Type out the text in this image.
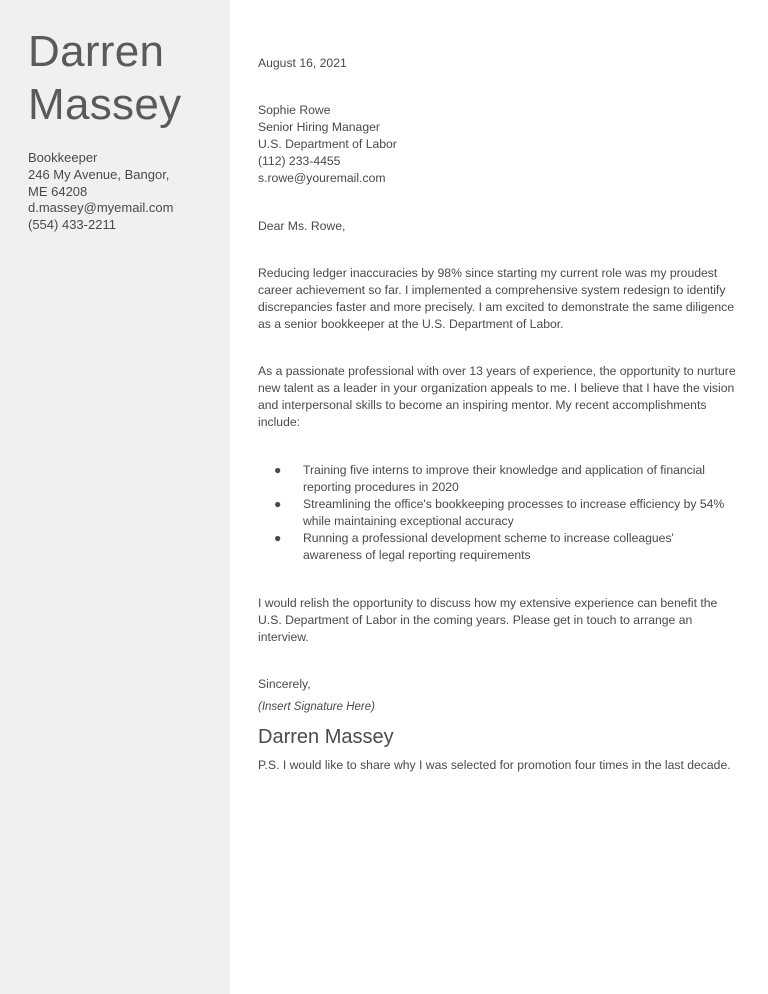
Darren
Massey
Bookkeeper
246 My Avenue, Bangor,
ME 64208
d.massey@myemail.com
(554) 433-2211
August 16, 2021
Sophie Rowe
Senior Hiring Manager
U.S. Department of Labor
(112) 233-4455
s.rowe@youremail.com
Dear Ms. Rowe,
Reducing ledger inaccuracies by 98% since starting my current role was my proudest career achievement so far. I implemented a comprehensive system redesign to identify discrepancies faster and more precisely. I am excited to demonstrate the same diligence as a senior bookkeeper at the U.S. Department of Labor.
As a passionate professional with over 13 years of experience, the opportunity to nurture new talent as a leader in your organization appeals to me. I believe that I have the vision and interpersonal skills to become an inspiring mentor. My recent accomplishments include:
● Training five interns to improve their knowledge and application of financial reporting procedures in 2020
● Streamlining the office's bookkeeping processes to increase efficiency by 54% while maintaining exceptional accuracy
● Running a professional development scheme to increase colleagues' awareness of legal reporting requirements
I would relish the opportunity to discuss how my extensive experience can benefit the U.S. Department of Labor in the coming years. Please get in touch to arrange an interview.
Sincerely,
(Insert Signature Here)
Darren Massey
P.S. I would like to share why I was selected for promotion four times in the last decade.
